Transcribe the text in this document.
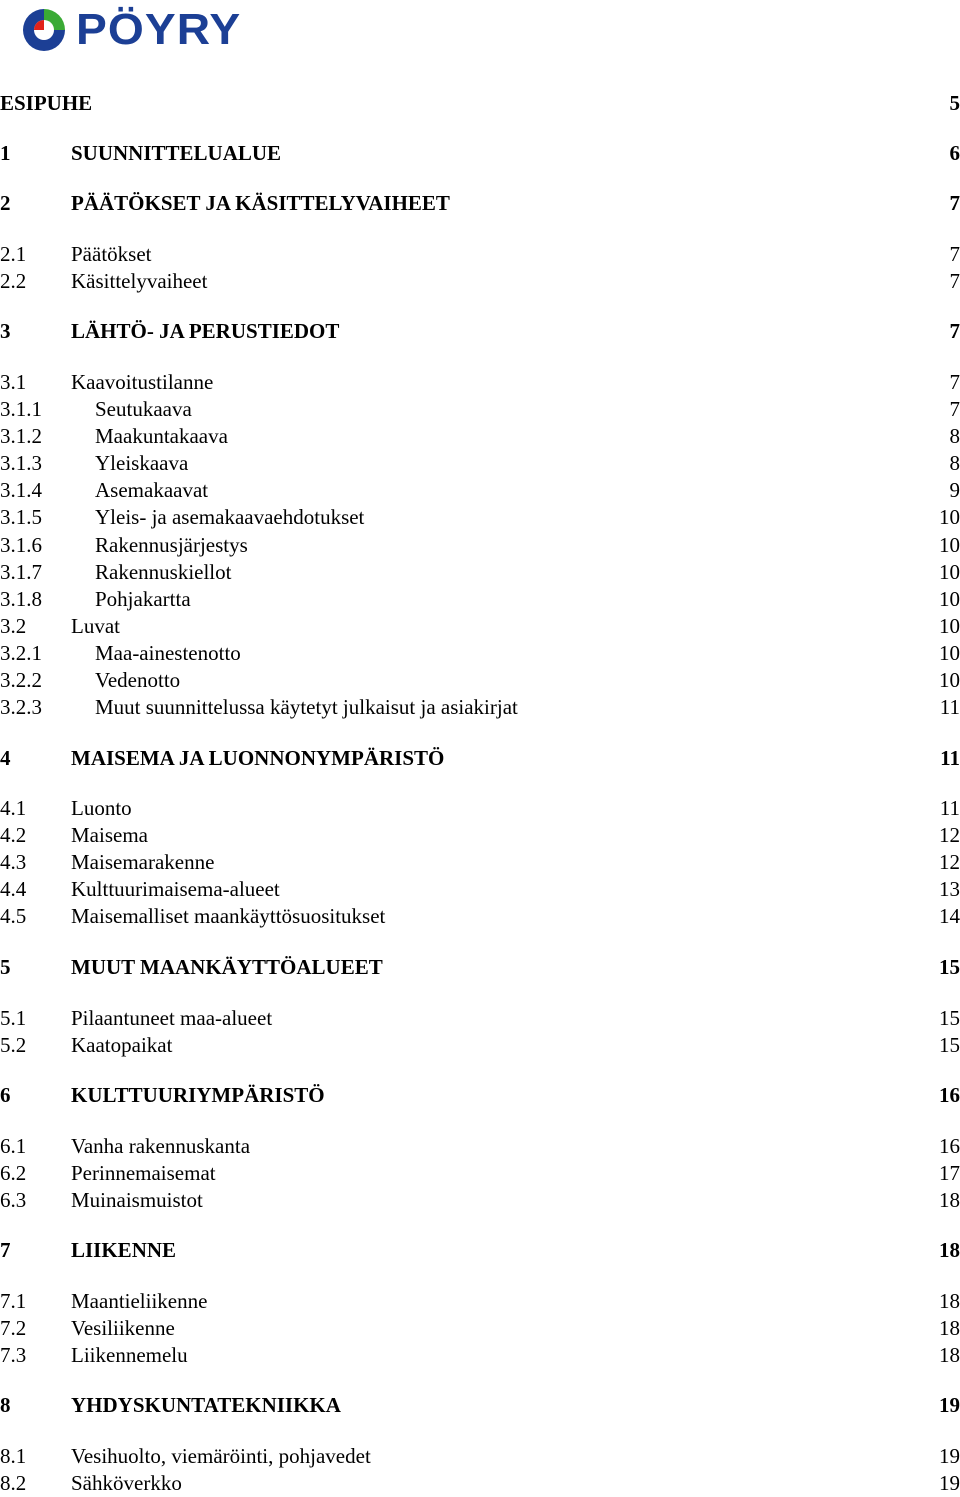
PÖYRY
ESIPUHE	5
1	SUUNNITTELUALUE	6
2	PÄÄTÖKSET JA KÄSITTELYVAIHEET	7
2.1 Päätökset	7
2.2 Käsittelyvaiheet	7
3	LÄHTÖ- JA PERUSTIEDOT	7
3.1 Kaavoitustilanne	7
3.1.1	Seutukaava	7
3.1.2	Maakuntakaava	8
3.1.3	Yleiskaava	8
3.1.4	Asemakaavat	9
3.1.5	Yleis- ja asemakaavaehdotukset	10
3.1.6	Rakennusjärjestys	10
3.1.7	Rakennuskiellot	10
3.1.8	Pohjakartta	10
3.2 Luvat	10
3.2.1	Maa-ainestenotto	10
3.2.2	Vedenotto	10
3.2.3	Muut suunnittelussa käytetyt julkaisut ja asiakirjat	11
4	MAISEMA JA LUONNONYMPÄRISTÖ	11
4.1 Luonto	11
4.2 Maisema	12
4.3 Maisemarakenne	12
4.4 Kulttuurimaisema-alueet	13
4.5 Maisemalliset maankäyttösuositukset	14
5	MUUT MAANKÄYTTÖALUEET	15
5.1 Pilaantuneet maa-alueet	15
5.2 Kaatopaikat	15
6	KULTTUURIYMPÄRISTÖ	16
6.1 Vanha rakennuskanta	16
6.2 Perinnemaisemat	17
6.3 Muinaismuistot	18
7	LIIKENNE	18
7.1 Maantieliikenne	18
7.2 Vesiliikenne	18
7.3 Liikennemelu	18
8	YHDYSKUNTATEKNIIKKA	19
8.1 Vesihuolto, viemäröinti, pohjavedet	19
8.2 Sähköverkko	19
